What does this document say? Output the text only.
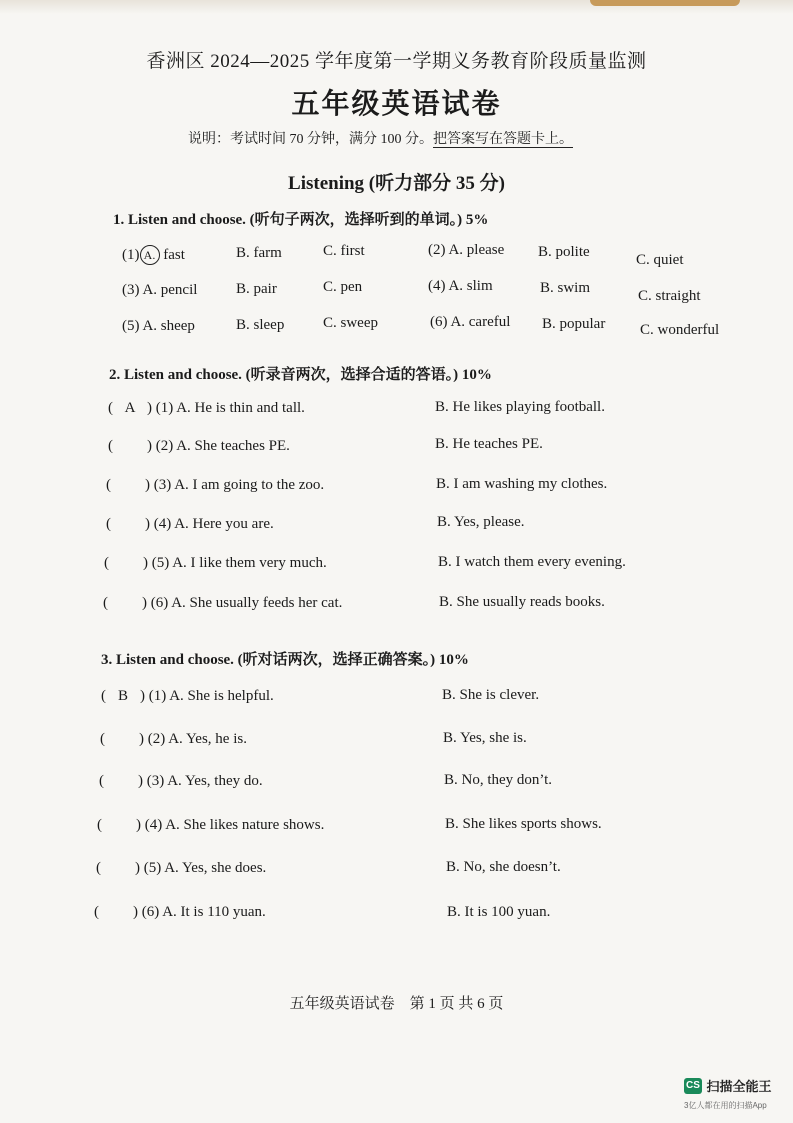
香洲区 2024—2025 学年度第一学期义务教育阶段质量监测
五年级英语试卷
说明：考试时间 70 分钟，满分 100 分。把答案写在答题卡上。
Listening (听力部分 35 分)
1. Listen and choose. (听句子两次，选择听到的单词。) 5%
(1) A. fast	B. farm	C. first	(2) A. please B. polite	C. quiet
(3) A. pencil	B. pair	C. pen	(4) A. slim	B. swim	C. straight
(5) A. sheep	B. sleep	C. sweep	(6) A. careful B. popular C. wonderful
2. Listen and choose. (听录音两次，选择合适的答语。) 10%
( A ) (1) A. He is thin and tall.	B. He likes playing football.
( ) (2) A. She teaches PE.	B. He teaches PE.
( ) (3) A. I am going to the zoo.	B. I am washing my clothes.
( ) (4) A. Here you are.	B. Yes, please.
( ) (5) A. I like them very much.	B. I watch them every evening.
( ) (6) A. She usually feeds her cat.	B. She usually reads books.
3. Listen and choose. (听对话两次，选择正确答案。) 10%
( B ) (1) A. She is helpful.	B. She is clever.
( ) (2) A. Yes, he is.	B. Yes, she is.
( ) (3) A. Yes, they do.	B. No, they don’t.
( ) (4) A. She likes nature shows.	B. She likes sports shows.
( ) (5) A. Yes, she does.	B. No, she doesn’t.
( ) (6) A. It is 110 yuan.	B. It is 100 yuan.
五年级英语试卷　第 1 页 共 6 页
CS 扫描全能王
3亿人都在用的扫描App
